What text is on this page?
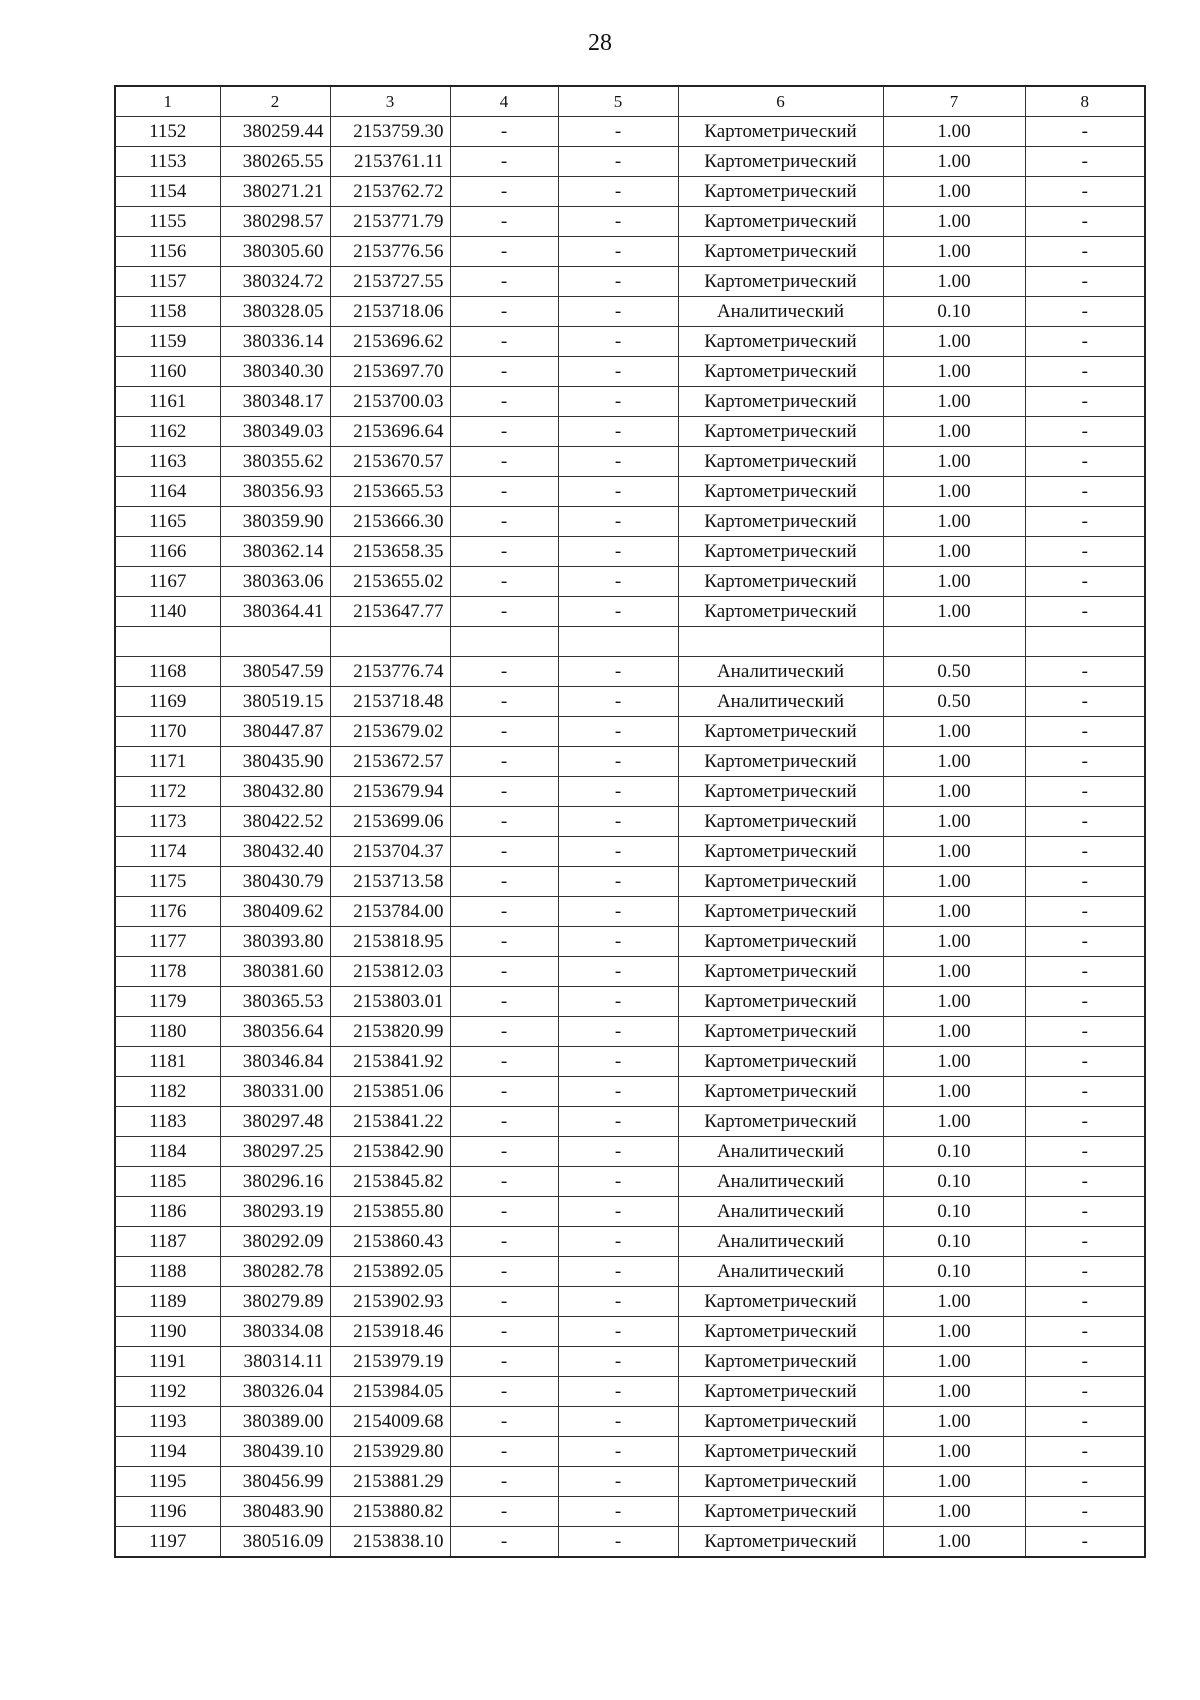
28
1	2	3	4	5	6	7	8
1152	380259.44	2153759.30	-	-	Картометрический	1.00	-
1153	380265.55	2153761.11	-	-	Картометрический	1.00	-
1154	380271.21	2153762.72	-	-	Картометрический	1.00	-
1155	380298.57	2153771.79	-	-	Картометрический	1.00	-
1156	380305.60	2153776.56	-	-	Картометрический	1.00	-
1157	380324.72	2153727.55	-	-	Картометрический	1.00	-
1158	380328.05	2153718.06	-	-	Аналитический	0.10	-
1159	380336.14	2153696.62	-	-	Картометрический	1.00	-
1160	380340.30	2153697.70	-	-	Картометрический	1.00	-
1161	380348.17	2153700.03	-	-	Картометрический	1.00	-
1162	380349.03	2153696.64	-	-	Картометрический	1.00	-
1163	380355.62	2153670.57	-	-	Картометрический	1.00	-
1164	380356.93	2153665.53	-	-	Картометрический	1.00	-
1165	380359.90	2153666.30	-	-	Картометрический	1.00	-
1166	380362.14	2153658.35	-	-	Картометрический	1.00	-
1167	380363.06	2153655.02	-	-	Картометрический	1.00	-
1140	380364.41	2153647.77	-	-	Картометрический	1.00	-

1168	380547.59	2153776.74	-	-	Аналитический	0.50	-
1169	380519.15	2153718.48	-	-	Аналитический	0.50	-
1170	380447.87	2153679.02	-	-	Картометрический	1.00	-
1171	380435.90	2153672.57	-	-	Картометрический	1.00	-
1172	380432.80	2153679.94	-	-	Картометрический	1.00	-
1173	380422.52	2153699.06	-	-	Картометрический	1.00	-
1174	380432.40	2153704.37	-	-	Картометрический	1.00	-
1175	380430.79	2153713.58	-	-	Картометрический	1.00	-
1176	380409.62	2153784.00	-	-	Картометрический	1.00	-
1177	380393.80	2153818.95	-	-	Картометрический	1.00	-
1178	380381.60	2153812.03	-	-	Картометрический	1.00	-
1179	380365.53	2153803.01	-	-	Картометрический	1.00	-
1180	380356.64	2153820.99	-	-	Картометрический	1.00	-
1181	380346.84	2153841.92	-	-	Картометрический	1.00	-
1182	380331.00	2153851.06	-	-	Картометрический	1.00	-
1183	380297.48	2153841.22	-	-	Картометрический	1.00	-
1184	380297.25	2153842.90	-	-	Аналитический	0.10	-
1185	380296.16	2153845.82	-	-	Аналитический	0.10	-
1186	380293.19	2153855.80	-	-	Аналитический	0.10	-
1187	380292.09	2153860.43	-	-	Аналитический	0.10	-
1188	380282.78	2153892.05	-	-	Аналитический	0.10	-
1189	380279.89	2153902.93	-	-	Картометрический	1.00	-
1190	380334.08	2153918.46	-	-	Картометрический	1.00	-
1191	380314.11	2153979.19	-	-	Картометрический	1.00	-
1192	380326.04	2153984.05	-	-	Картометрический	1.00	-
1193	380389.00	2154009.68	-	-	Картометрический	1.00	-
1194	380439.10	2153929.80	-	-	Картометрический	1.00	-
1195	380456.99	2153881.29	-	-	Картометрический	1.00	-
1196	380483.90	2153880.82	-	-	Картометрический	1.00	-
1197	380516.09	2153838.10	-	-	Картометрический	1.00	-
